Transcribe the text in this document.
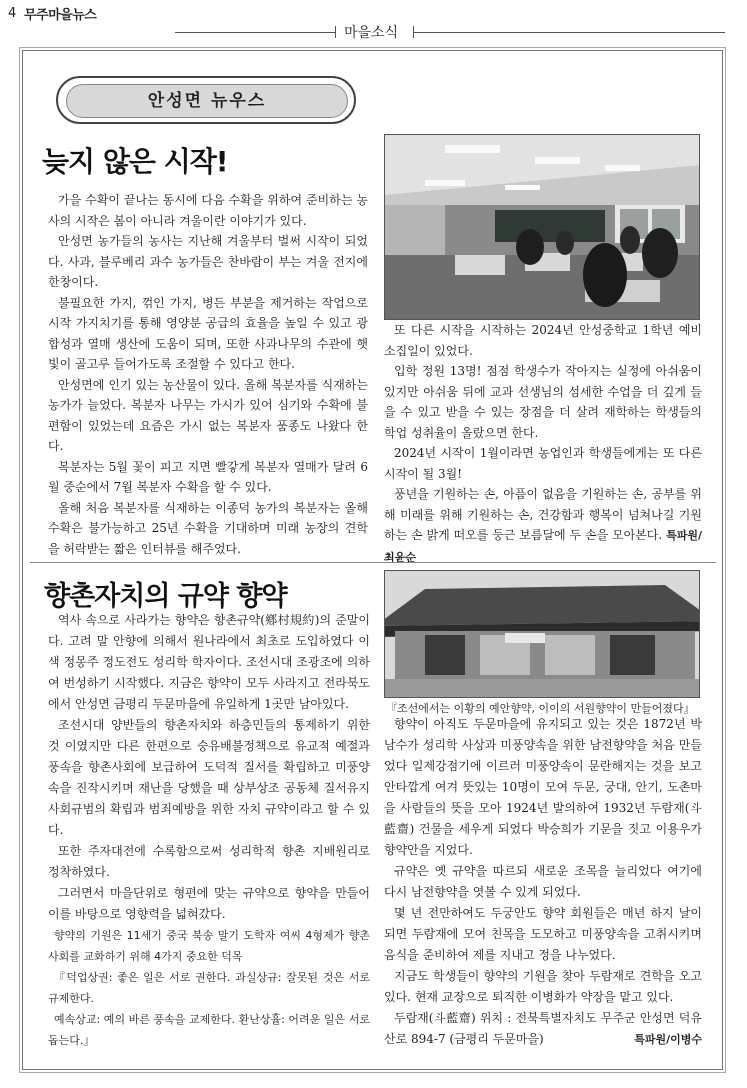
4 무주마을뉴스
마을소식
안성면 뉴우스
늦지 않은 시작!

가을 수확이 끝나는 동시에 다음 수확을 위하여 준비하는 농사의 시작은 봄이 아니라 겨울이란 이야기가 있다.

안성면 농가들의 농사는 지난해 겨울부터 벌써 시작이 되었다. 사과, 블루베리 과수 농가들은 찬바람이 부는 겨울 전지에 한창이다.

불필요한 가지, 꺾인 가지, 병든 부분을 제거하는 작업으로 시작 가지치기를 통해 영양분 공급의 효율을 높일 수 있고 광합성과 열매 생산에 도움이 되며, 또한 사과나무의 수관에 햇빛이 골고루 들어가도록 조절할 수 있다고 한다.

안성면에 인기 있는 농산물이 있다. 올해 복분자를 식재하는 농가가 늘었다. 복분자 나무는 가시가 있어 심기와 수확에 불편함이 있었는데 요즘은 가시 없는 복분자 품종도 나왔다 한다.

복분자는 5월 꽃이 피고 지면 빨갛게 복분자 열매가 달려 6월 중순에서 7월 복분자 수확을 할 수 있다.

올해 처음 복분자를 식재하는 이종덕 농가의 복분자는 올해 수확은 불가능하고 25년 수확을 기대하며 미래 농장의 견학을 허락받는 짧은 인터뷰를 해주었다.

또 다른 시작을 시작하는 2024년 안성중학교 1학년 예비소집일이 있었다.

입학 정원 13명! 점점 학생수가 작아지는 실정에 아쉬움이 있지만 아쉬움 뒤에 교과 선생님의 섬세한 수업을 더 깊게 들을 수 있고 받을 수 있는 장점을 더 살려 재학하는 학생들의 학업 성취율이 올랐으면 한다.

2024년 시작이 1월이라면 농업인과 학생들에게는 또 다른 시작이 될 3월!

풍년을 기원하는 손, 아픔이 없음을 기원하는 손, 공부를 위해 미래를 위해 기원하는 손, 건강함과 행복이 넘쳐나길 기원하는 손 밝게 떠오를 둥근 보름달에 두 손을 모아본다. 특파원/최윤순

향촌자치의 규약 향약

역사 속으로 사라가는 향약은 향촌규약(鄕村規約)의 준말이다. 고려 말 안향에 의해서 원나라에서 최초로 도입하였다 이색 정몽주 정도전도 성리학 학자이다. 조선시대 조광조에 의하여 번성하기 시작했다. 지금은 향약이 모두 사라지고 전라북도에서 안성면 금평리 두문마을에 유일하게 1곳만 남아있다.

조선시대 양반들의 향촌자치와 하층민들의 통제하기 위한 것 이였지만 다른 한편으로 숭유배불정책으로 유교적 예절과 풍속을 향촌사회에 보급하여 도덕적 질서를 확립하고 미풍양속을 진작시키며 재난을 당했을 때 상부상조 공동체 질서유지 사회규범의 확립과 범죄예방을 위한 자치 규약이라고 할 수 있다.

또한 주자대전에 수록함으로써 성리학적 향촌 지배원리로 정착하였다.

그러면서 마을단위로 형편에 맞는 규약으로 향약을 만들어 이를 바탕으로 영향력을 넓혀갔다.

향약의 기원은 11세기 중국 북송 말기 도학자 여씨 4형제가 향촌사회를 교화하기 위해 4가지 중요한 덕목

『덕업상권: 좋은 일은 서로 권한다. 과실상규: 잘못된 것은 서로 규제한다.

예속상교: 예의 바른 풍속을 교제한다. 환난상휼: 어려운 일은 서로 돕는다.』

『조선에서는 이황의 예안향약, 이이의 서원향약이 만들어졌다』

향약이 아직도 두문마을에 유지되고 있는 것은 1872년 박남수가 성리학 사상과 미풍양속을 위한 남전향약을 처음 만들었다 일제강점기에 이르러 미풍양속이 문란해지는 것을 보고 안타깝게 여겨 뜻있는 10명이 모여 두문, 궁대, 안기, 도촌마을 사람들의 뜻을 모아 1924년 발의하여 1932년 두람재(斗藍齋) 건물을 세우게 되었다 박승희가 기문을 짓고 이용우가 향약안을 지었다.

규약은 옛 규약을 따르되 새로운 조목을 늘리었다 여기에 다시 남전향약을 엿볼 수 있게 되었다.

몇 년 전만하여도 두궁안도 향약 회원들은 매년 하지 날이 되면 두람재에 모여 친목을 도모하고 미풍양속을 고취시키며 음식을 준비하여 제를 지내고 정을 나누었다.

지금도 학생들이 향약의 기원을 찾아 두람재로 견학을 오고 있다. 현재 교장으로 퇴직한 이병화가 약장을 맡고 있다.

두람재(斗藍齋) 위치 : 전북특별자치도 무주군 안성면 덕유산로 894-7 (금평리 두문마을)	특파원/이병수
